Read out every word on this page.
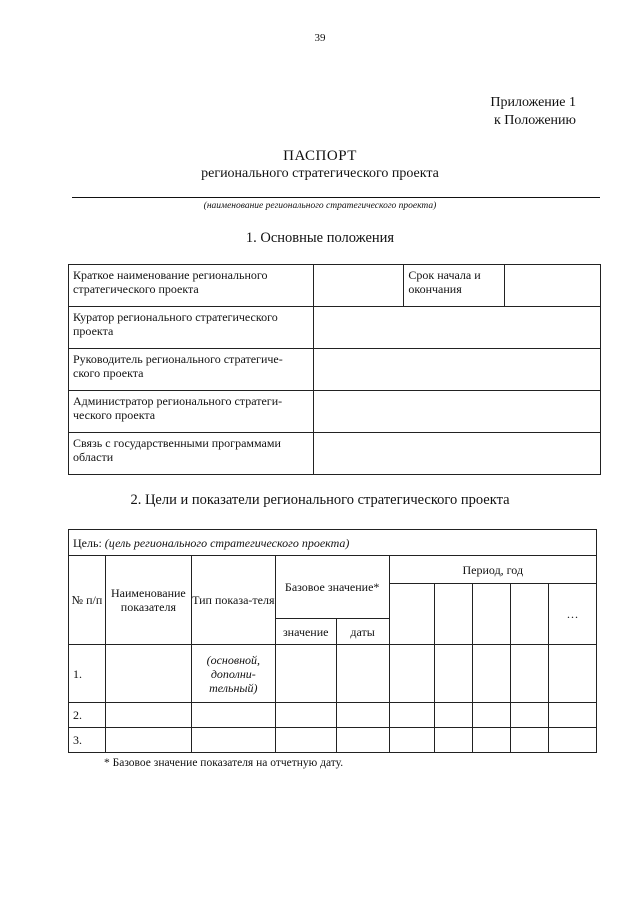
39
Приложение 1
к Положению
ПАСПОРТ
регионального стратегического проекта
(наименование регионального стратегического проекта)
1. Основные положения
Краткое наименование регионального стратегического проекта		Срок начала и окончания	
Куратор регионального стратегического проекта			
Руководитель регионального стратегиче-ского проекта			
Администратор регионального стратеги-ческого проекта			
Связь с государственными программами области			
2. Цели и показатели регионального стратегического проекта
Цель: (цель регионального стратегического проекта)									
№ п/п	Наименование показателя	Тип показа-теля	Базовое значение*		Период, год				
									…
			значение	даты					
1.		(основной, дополни-тельный)							
2.									
3.									
* Базовое значение показателя на отчетную дату.
